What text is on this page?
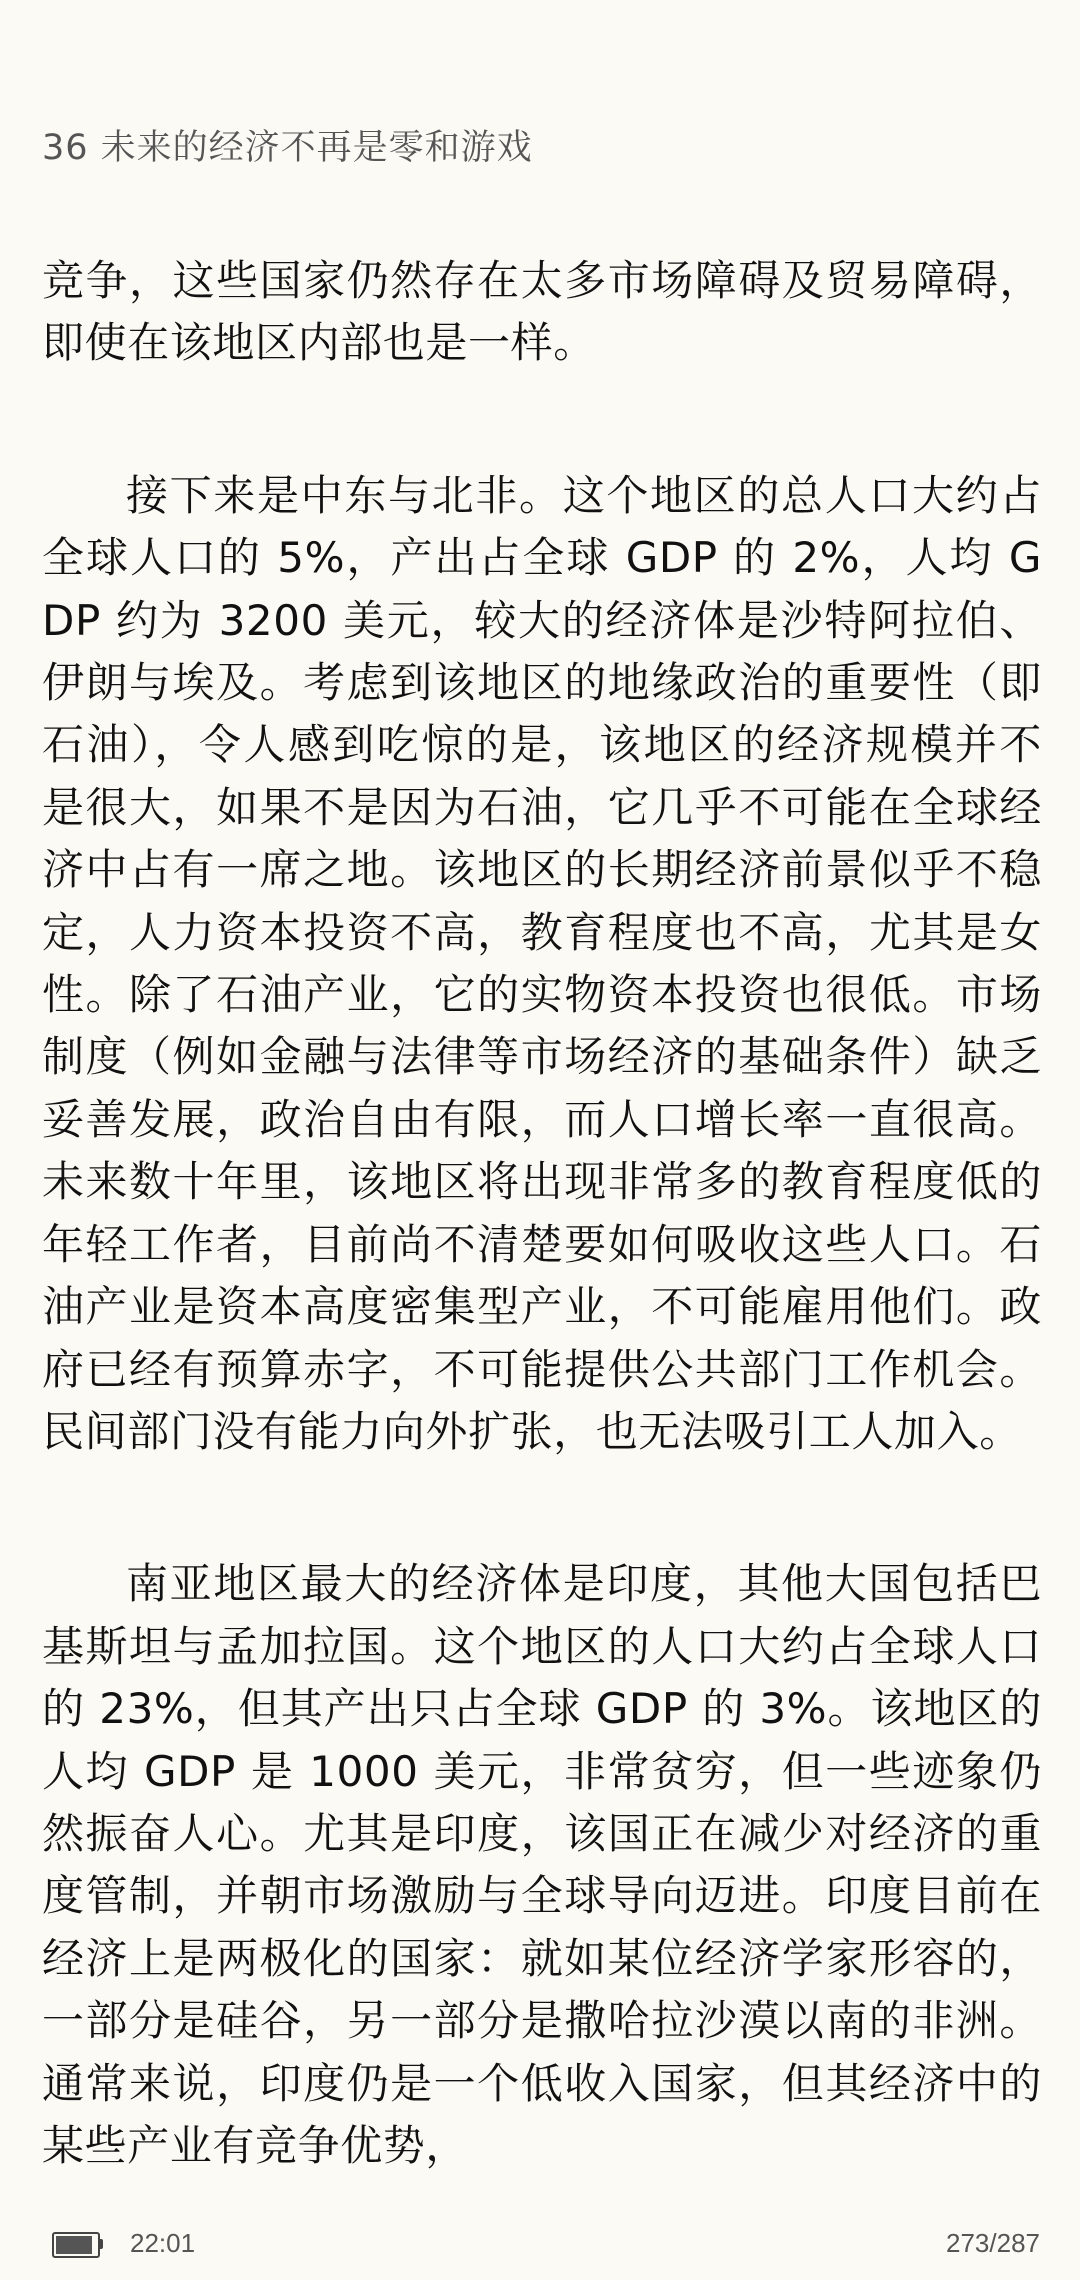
36 未来的经济不再是零和游戏

竞争，这些国家仍然存在太多市场障碍及贸易障碍，即使在该地区内部也是一样。

接下来是中东与北非。这个地区的总人口大约占全球人口的 5%，产出占全球 GDP 的 2%，人均 GDP 约为 3200 美元，较大的经济体是沙特阿拉伯、伊朗与埃及。考虑到该地区的地缘政治的重要性（即石油），令人感到吃惊的是，该地区的经济规模并不是很大，如果不是因为石油，它几乎不可能在全球经济中占有一席之地。该地区的长期经济前景似乎不稳定，人力资本投资不高，教育程度也不高，尤其是女性。除了石油产业，它的实物资本投资也很低。市场制度（例如金融与法律等市场经济的基础条件）缺乏妥善发展，政治自由有限，而人口增长率一直很高。未来数十年里，该地区将出现非常多的教育程度低的年轻工作者，目前尚不清楚要如何吸收这些人口。石油产业是资本高度密集型产业，不可能雇用他们。政府已经有预算赤字，不可能提供公共部门工作机会。民间部门没有能力向外扩张，也无法吸引工人加入。

南亚地区最大的经济体是印度，其他大国包括巴基斯坦与孟加拉国。这个地区的人口大约占全球人口的 23%，但其产出只占全球 GDP 的 3%。该地区的人均 GDP 是 1000 美元，非常贫穷，但一些迹象仍然振奋人心。尤其是印度，该国正在减少对经济的重度管制，并朝市场激励与全球导向迈进。印度目前在经济上是两极化的国家：就如某位经济学家形容的，一部分是硅谷，另一部分是撒哈拉沙漠以南的非洲。通常来说，印度仍是一个低收入国家，但其经济中的某些产业有竞争优势，

22:01	273/287
